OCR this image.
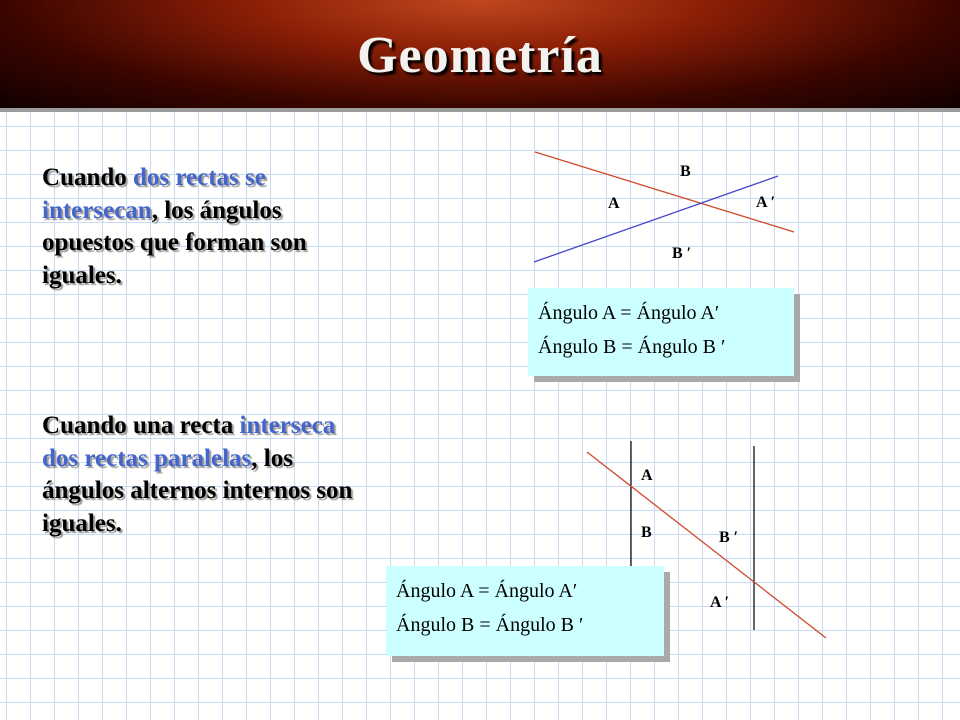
Geometría
Cuando dos rectas se intersecan, los ángulos opuestos que forman son iguales.
Cuando una recta interseca dos rectas paralelas, los ángulos alternos internos son iguales.
B
A	A ′
B ′
Ángulo A = Ángulo A′
Ángulo B = Ángulo B ′
A
B	B ′
A ′
Ángulo A = Ángulo A′
Ángulo B = Ángulo B ′
